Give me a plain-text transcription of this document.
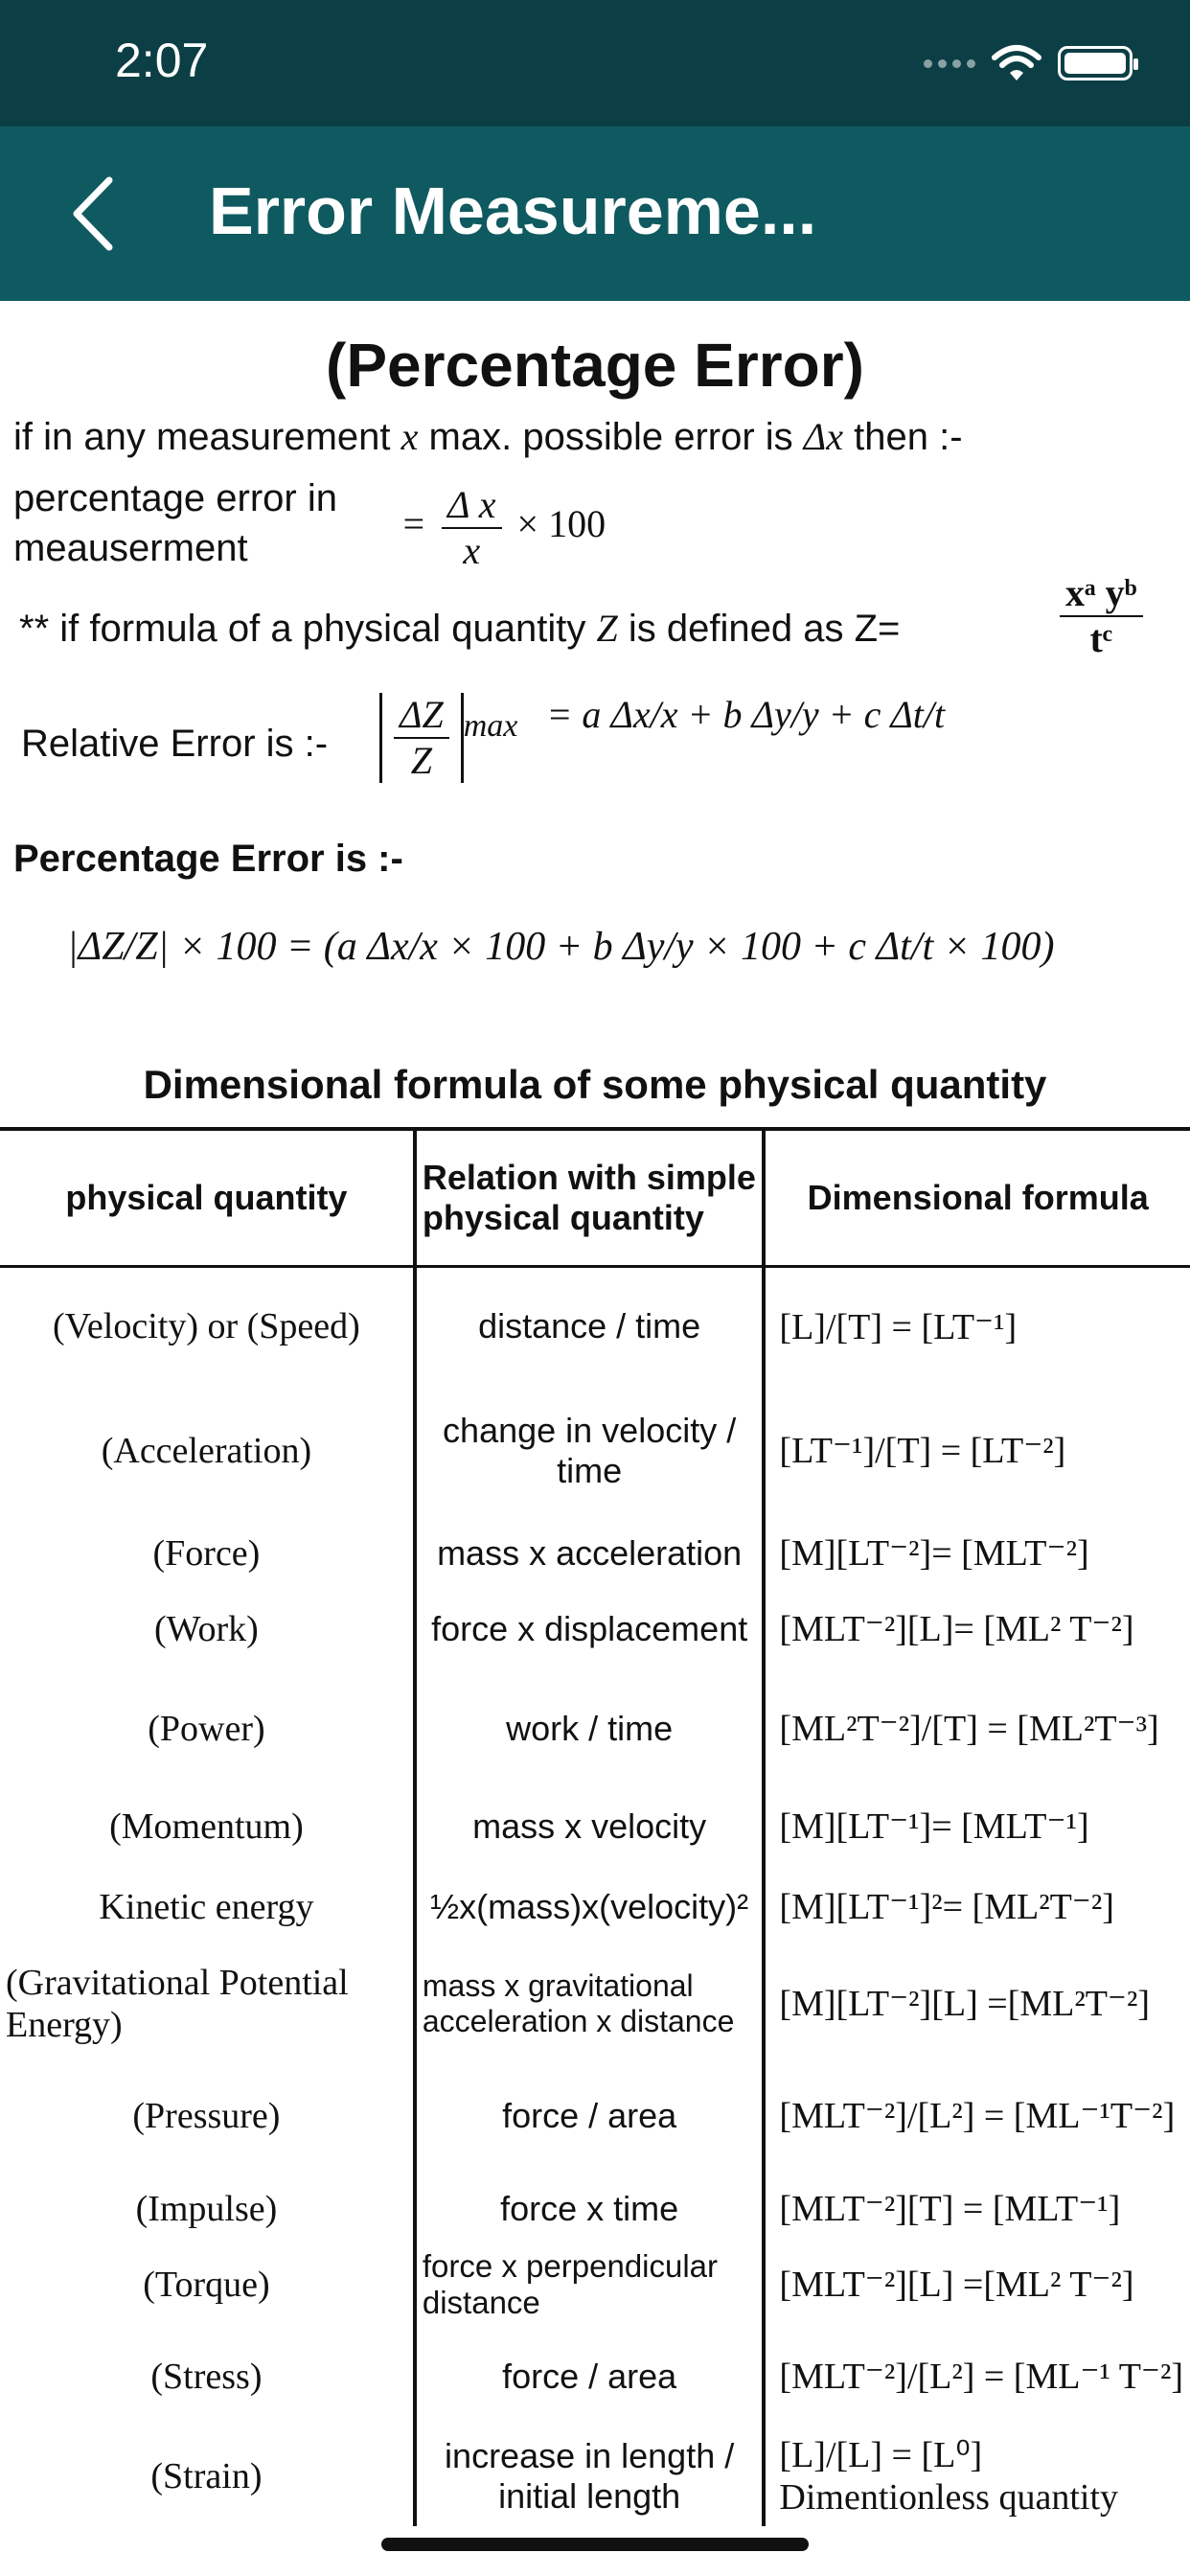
2:07
Error Measureme...
(Percentage Error)
if in any measurement x max. possible error is Δx then :-
percentage error in
meauserment
= $\frac{\text{Δ x}}{x} \times 100$
** if formula of a physical quantity Z is defined as Z=	$\frac{\text{xᵃ yᵇ}}{\text{tᶜ}}$
Relative Error is :- $\frac{\Delta Z}{Z} _{max} = a$ Δx/x + b Δy/y + c Δt/t
Percentage Error is :-
|ΔZ/Z| × 100 = (a Δx/x × 100 + b Δy/y × 100 + c Δt/t × 100)
Dimensional formula of some physical quantity
physical quantity	Relation with simple physical quantity	Dimensional formula
(Velocity) or (Speed)	distance / time	[L]/[T] = [LT⁻¹]
(Acceleration)	change in velocity / time	[LT⁻¹]/[T] = [LT⁻²]
(Force)	mass x acceleration	[M][LT⁻²]= [MLT⁻²]
(Work)	force x displacement	[MLT⁻²][L]= [ML² T⁻²]
(Power)	work / time	[ML²T⁻²]/[T] = [ML²T⁻³]
(Momentum)	mass x velocity	[M][LT⁻¹]= [MLT⁻¹]
Kinetic energy	½x(mass)x(velocity)²	[M][LT⁻¹]²= [ML²T⁻²]
(Gravitational Potential Energy)	mass x gravitational acceleration x distance	[M][LT⁻²][L] =[ML²T⁻²]
(Pressure)	force / area	[MLT⁻²]/[L²] = [ML⁻¹T⁻²]
(Impulse)	force x time	[MLT⁻²][T] = [MLT⁻¹]
(Torque)	force x perpendicular distance	[MLT⁻²][L] =[ML² T⁻²]
(Stress)	force / area	[MLT⁻²]/[L²] = [ML⁻¹ T⁻²]
(Strain)	increase in length / initial length	[L]/[L] = [L⁰] Dimentionless quantity
